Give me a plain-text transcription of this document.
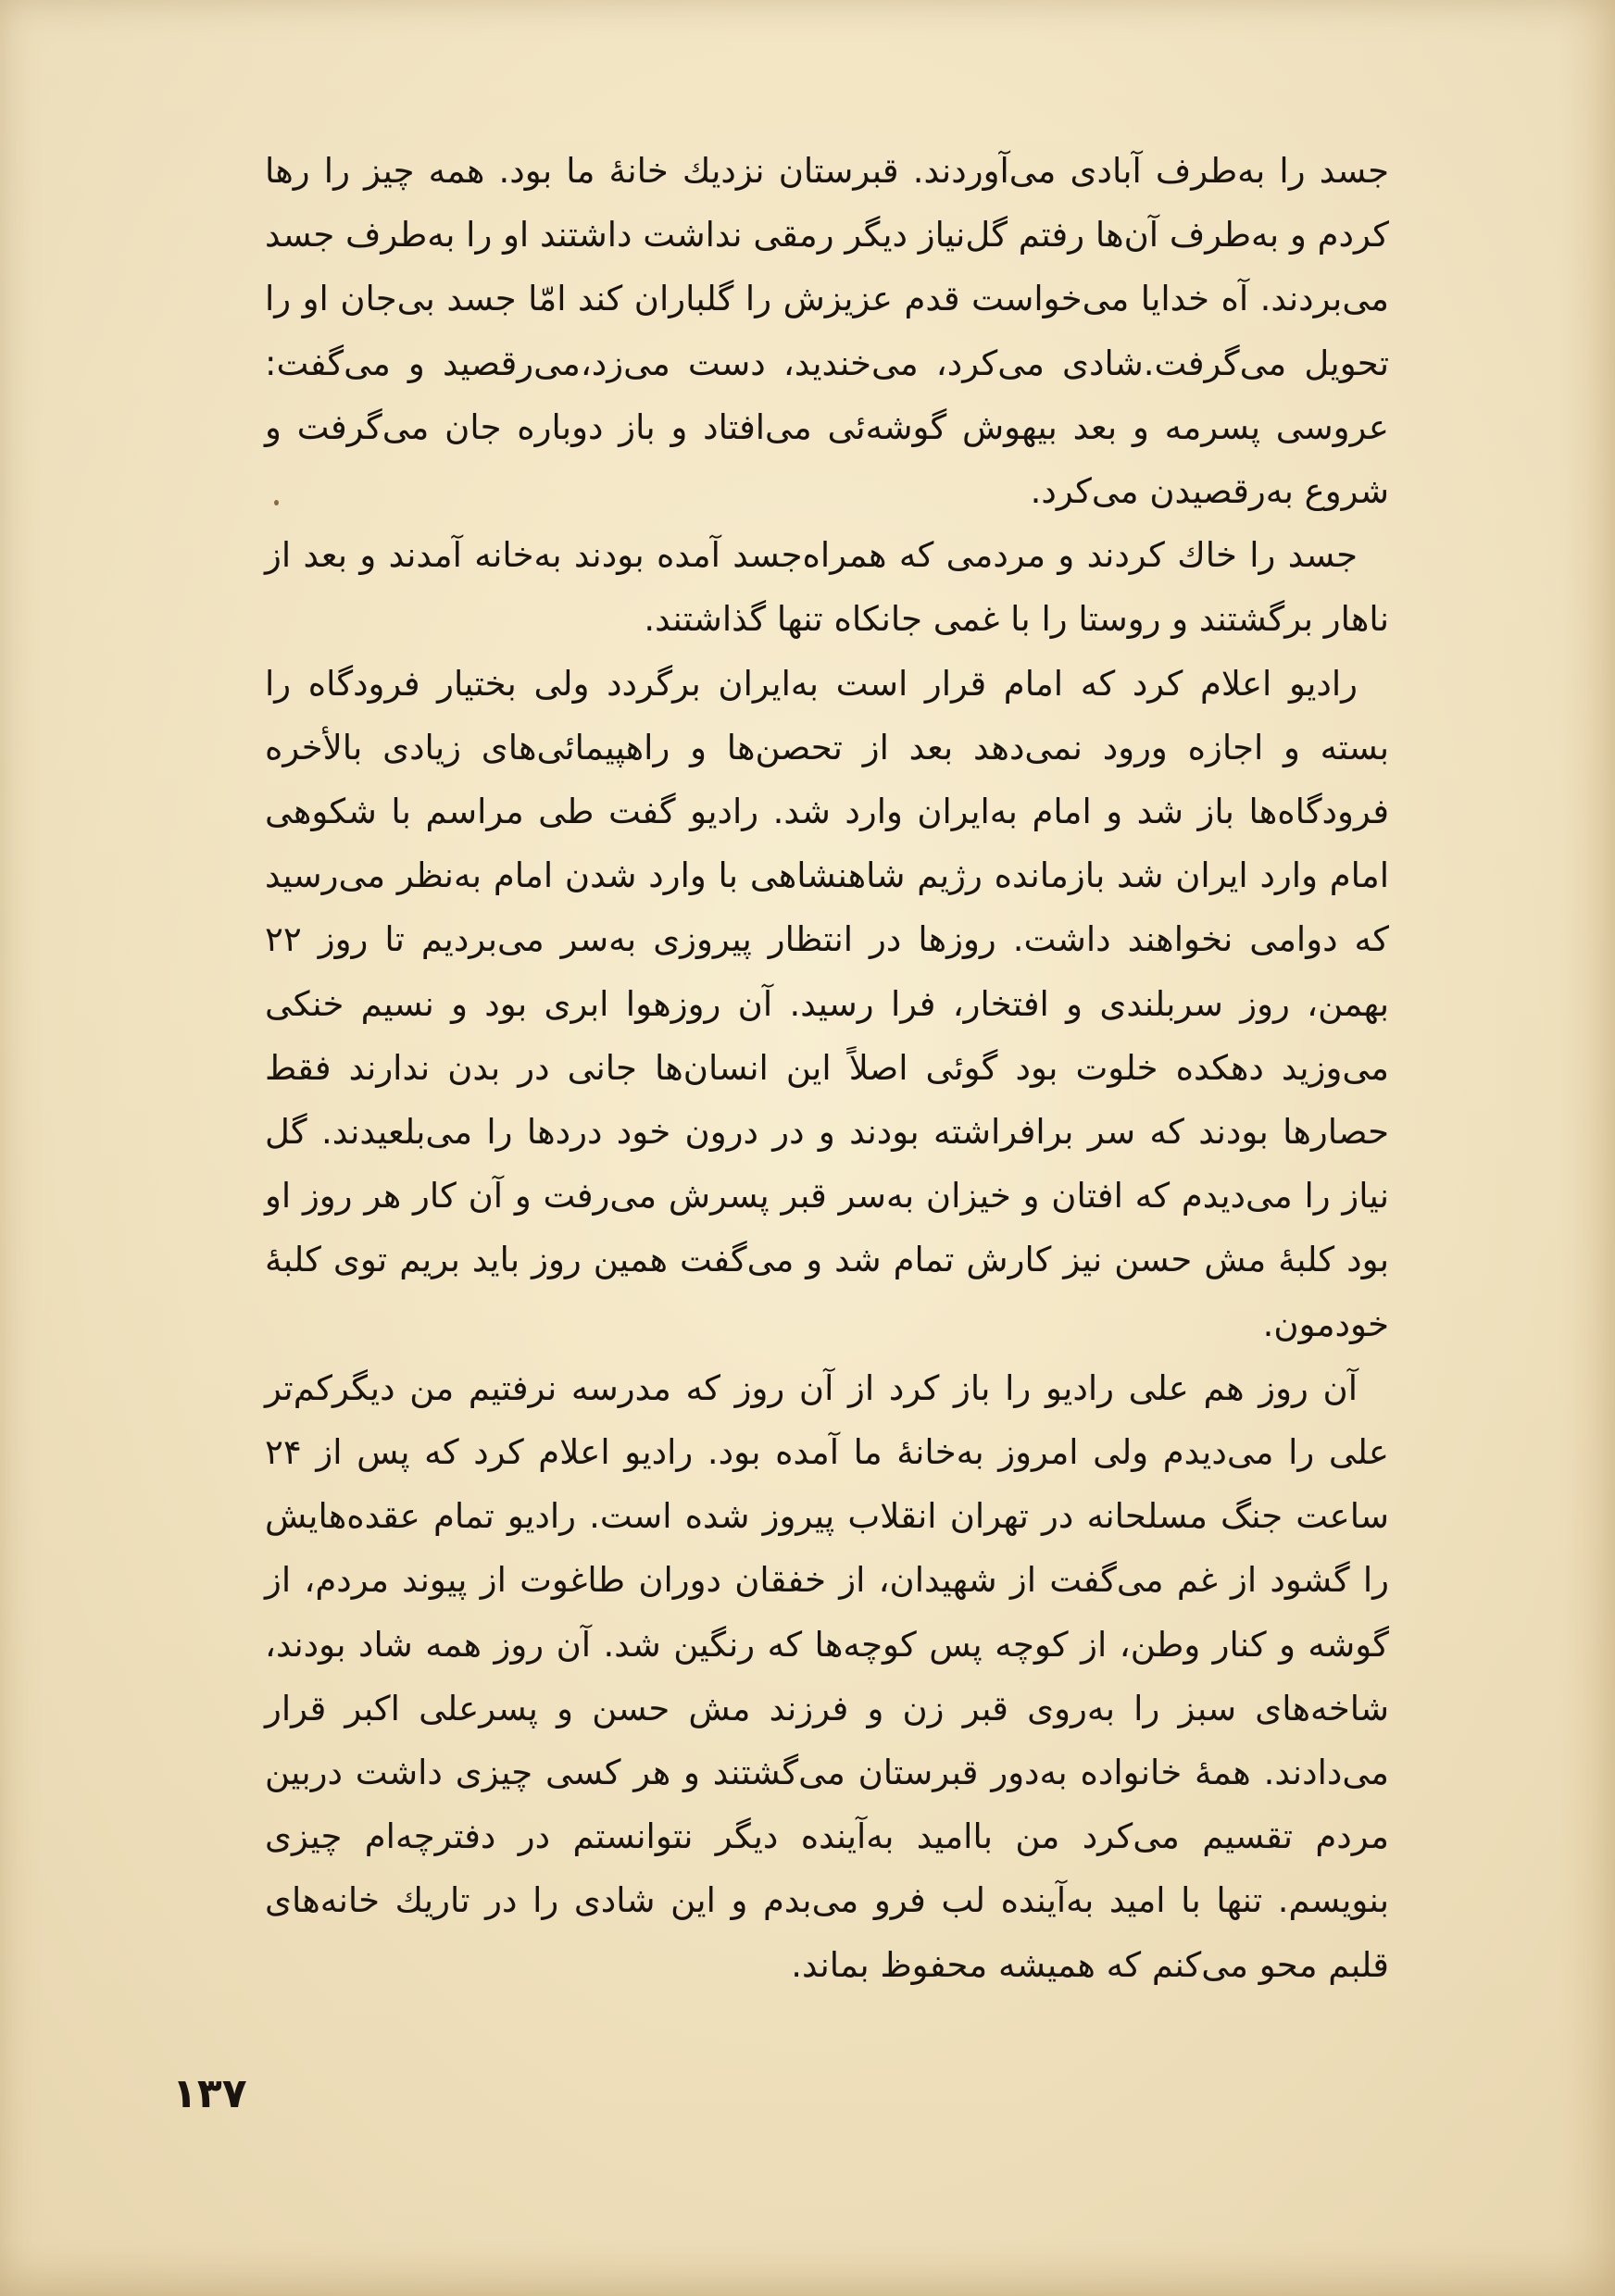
جسد را به‌طرف آبادی می‌آوردند. قبرستان نزدیك خانهٔ ما بود. همه چیز را رها کردم و به‌طرف آن‌ها رفتم گل‌نیاز دیگر رمقی نداشت داشتند او را به‌طرف جسد می‌بردند. آه خدایا می‌خواست قدم عزیزش را گلباران کند امّا جسد بی‌جان او را تحویل می‌گرفت.شادی می‌کرد، می‌خندید، دست می‌زد،می‌رقصید و می‌گفت: عروسی پسرمه و بعد بیهوش گوشه‌ئی می‌افتاد و باز دوباره جان می‌گرفت و شروع به‌رقصیدن می‌کرد.

جسد را خاك کردند و مردمی که همراه‌جسد آمده بودند به‌خانه آمدند و بعد از ناهار برگشتند و روستا را با غمی جانکاه تنها گذاشتند.

رادیو اعلام کرد که امام قرار است به‌ایران برگردد ولی بختیار فرودگاه را بسته و اجازه ورود نمی‌دهد بعد از تحصن‌ها و راهپیمائی‌های زیادی بالأخره فرودگاه‌ها باز شد و امام به‌ایران وارد شد. رادیو گفت طی مراسم با شکوهی امام وارد ایران شد بازمانده رژیم شاهنشاهی با وارد شدن امام به‌نظر می‌رسید که دوامی نخواهند داشت. روزها در انتظار پیروزی به‌سر می‌بردیم تا روز ۲۲ بهمن، روز سربلندی و افتخار، فرا رسید. آن روزهوا ابری بود و نسیم خنکی می‌وزید دهکده خلوت بود گوئی اصلاً این انسان‌ها جانی در بدن ندارند فقط حصارها بودند که سر برافراشته بودند و در درون خود دردها را می‌بلعیدند. گل نیاز را می‌دیدم که افتان و خیزان به‌سر قبر پسرش می‌رفت و آن کار هر روز او بود کلبهٔ مش حسن نیز کارش تمام شد و می‌گفت همین روز باید بریم توی کلبهٔ خودمون.

آن روز هم علی رادیو را باز کرد از آن روز که مدرسه نرفتیم من دیگرکم‌تر علی را می‌دیدم ولی امروز به‌خانهٔ ما آمده بود. رادیو اعلام کرد که پس از ۲۴ ساعت جنگ مسلحانه در تهران انقلاب پیروز شده است. رادیو تمام عقده‌هایش را گشود از غم می‌گفت از شهیدان، از خفقان دوران طاغوت از پیوند مردم، از گوشه و کنار وطن، از کوچه پس کوچه‌ها که رنگین شد. آن روز همه شاد بودند، شاخه‌های سبز را به‌روی قبر زن و فرزند مش حسن و پسرعلی اکبر قرار می‌دادند. همهٔ خانواده به‌دور قبرستان می‌گشتند و هر کسی چیزی داشت دربین مردم تقسیم می‌کرد من باامید به‌آینده دیگر نتوانستم در دفترچه‌ام چیزی بنویسم. تنها با امید به‌آینده لب فرو می‌بدم و این شادی را در تاریك خانه‌های قلبم محو می‌کنم که همیشه محفوظ بماند.

۱۳۷
